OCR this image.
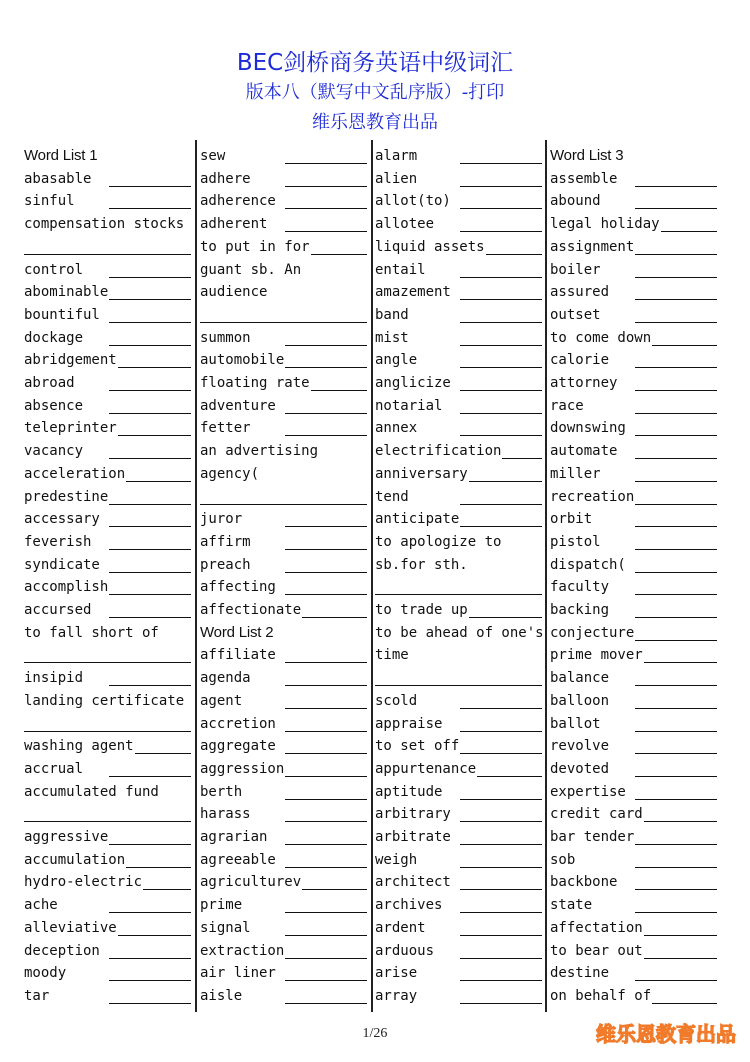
BEC剑桥商务英语中级词汇
版本八（默写中文乱序版）-打印
维乐恩教育出品
Word List 1
abasable
sinful
compensation stocks
control
abominable
bountiful
dockage
abridgement
abroad
absence
teleprinter
vacancy
acceleration
predestine
accessary
feverish
syndicate
accomplish
accursed
to fall short of
insipid
landing certificate
washing agent
accrual
accumulated fund
aggressive
accumulation
hydro-electric
ache
alleviative
deception
moody
tar
sew
adhere
adherence
adherent
to put in for
guant sb. An
audience
summon
automobile
floating rate
adventure
fetter
an advertising
agency(
juror
affirm
preach
affecting
affectionate
Word List 2
affiliate
agenda
agent
accretion
aggregate
aggression
berth
harass
agrarian
agreeable
agriculturev
prime
signal
extraction
air liner
aisle
alarm
alien
allot(to)
allotee
liquid assets
entail
amazement
band
mist
angle
anglicize
notarial
annex
electrification
anniversary
tend
anticipate
to apologize to
sb.for sth.
to trade up
to be ahead of one's
time
scold
appraise
to set off
appurtenance
aptitude
arbitrary
arbitrate
weigh
architect
archives
ardent
arduous
arise
array
Word List 3
assemble
abound
legal holiday
assignment
boiler
assured
outset
to come down
calorie
attorney
race
downswing
automate
miller
recreation
orbit
pistol
dispatch(
faculty
backing
conjecture
prime mover
balance
balloon
ballot
revolve
devoted
expertise
credit card
bar tender
sob
backbone
state
affectation
to bear out
destine
on behalf of
1/26	维乐恩教育出品
